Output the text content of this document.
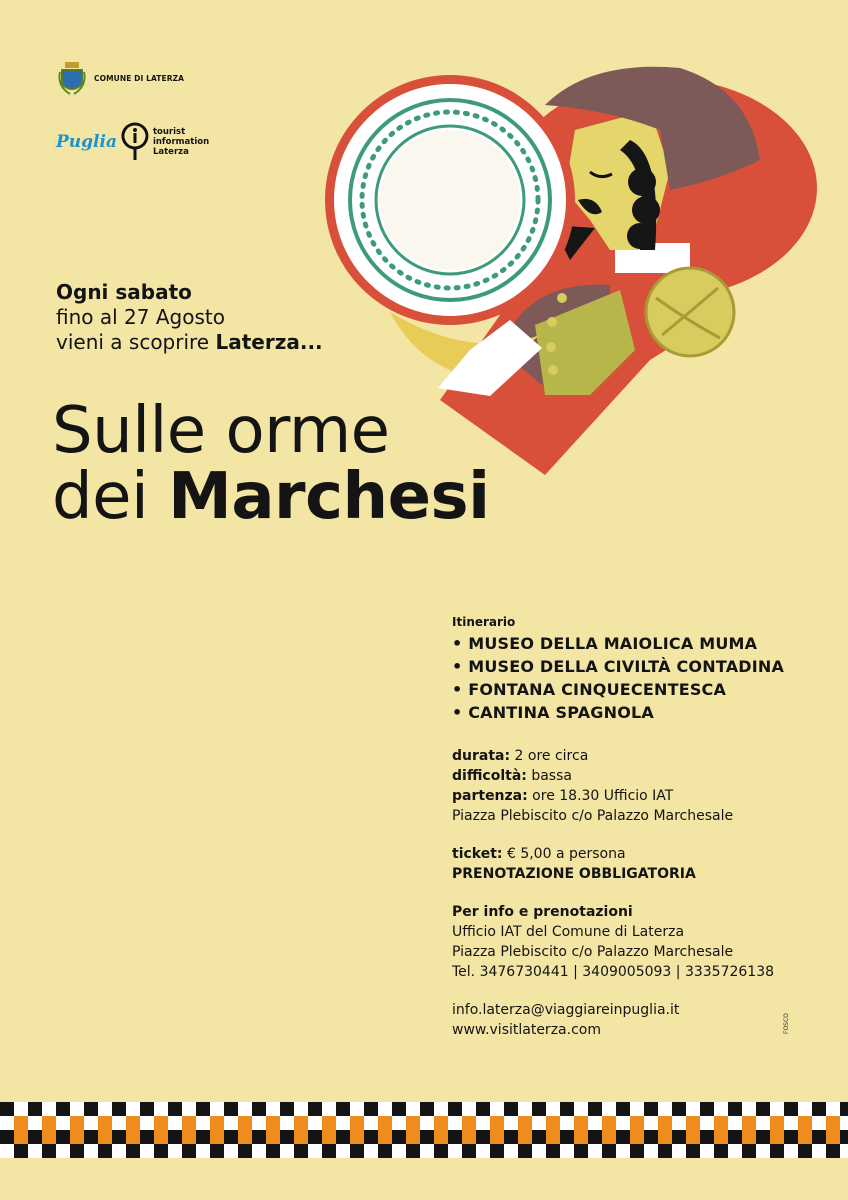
COMUNE DI LATERZA
Puglia	tourist
information
Laterza
Ogni sabato
fino al 27 Agosto
vieni a scoprire Laterza...
Sulle orme
dei Marchesi
Itinerario
• MUSEO DELLA MAIOLICA MUMA
• MUSEO DELLA CIVILTÀ CONTADINA
• FONTANA CINQUECENTESCA
• CANTINA SPAGNOLA
durata: 2 ore circa
difficoltà: bassa
partenza: ore 18.30 Ufficio IAT
Piazza Plebiscito c/o Palazzo Marchesale
ticket: € 5,00 a persona
PRENOTAZIONE OBBLIGATORIA
Per info e prenotazioni
Ufficio IAT del Comune di Laterza
Piazza Plebiscito c/o Palazzo Marchesale
Tel. 3476730441 | 3409005093 | 3335726138
info.laterza@viaggiareinpuglia.it
www.visitlaterza.com	FOSCO
